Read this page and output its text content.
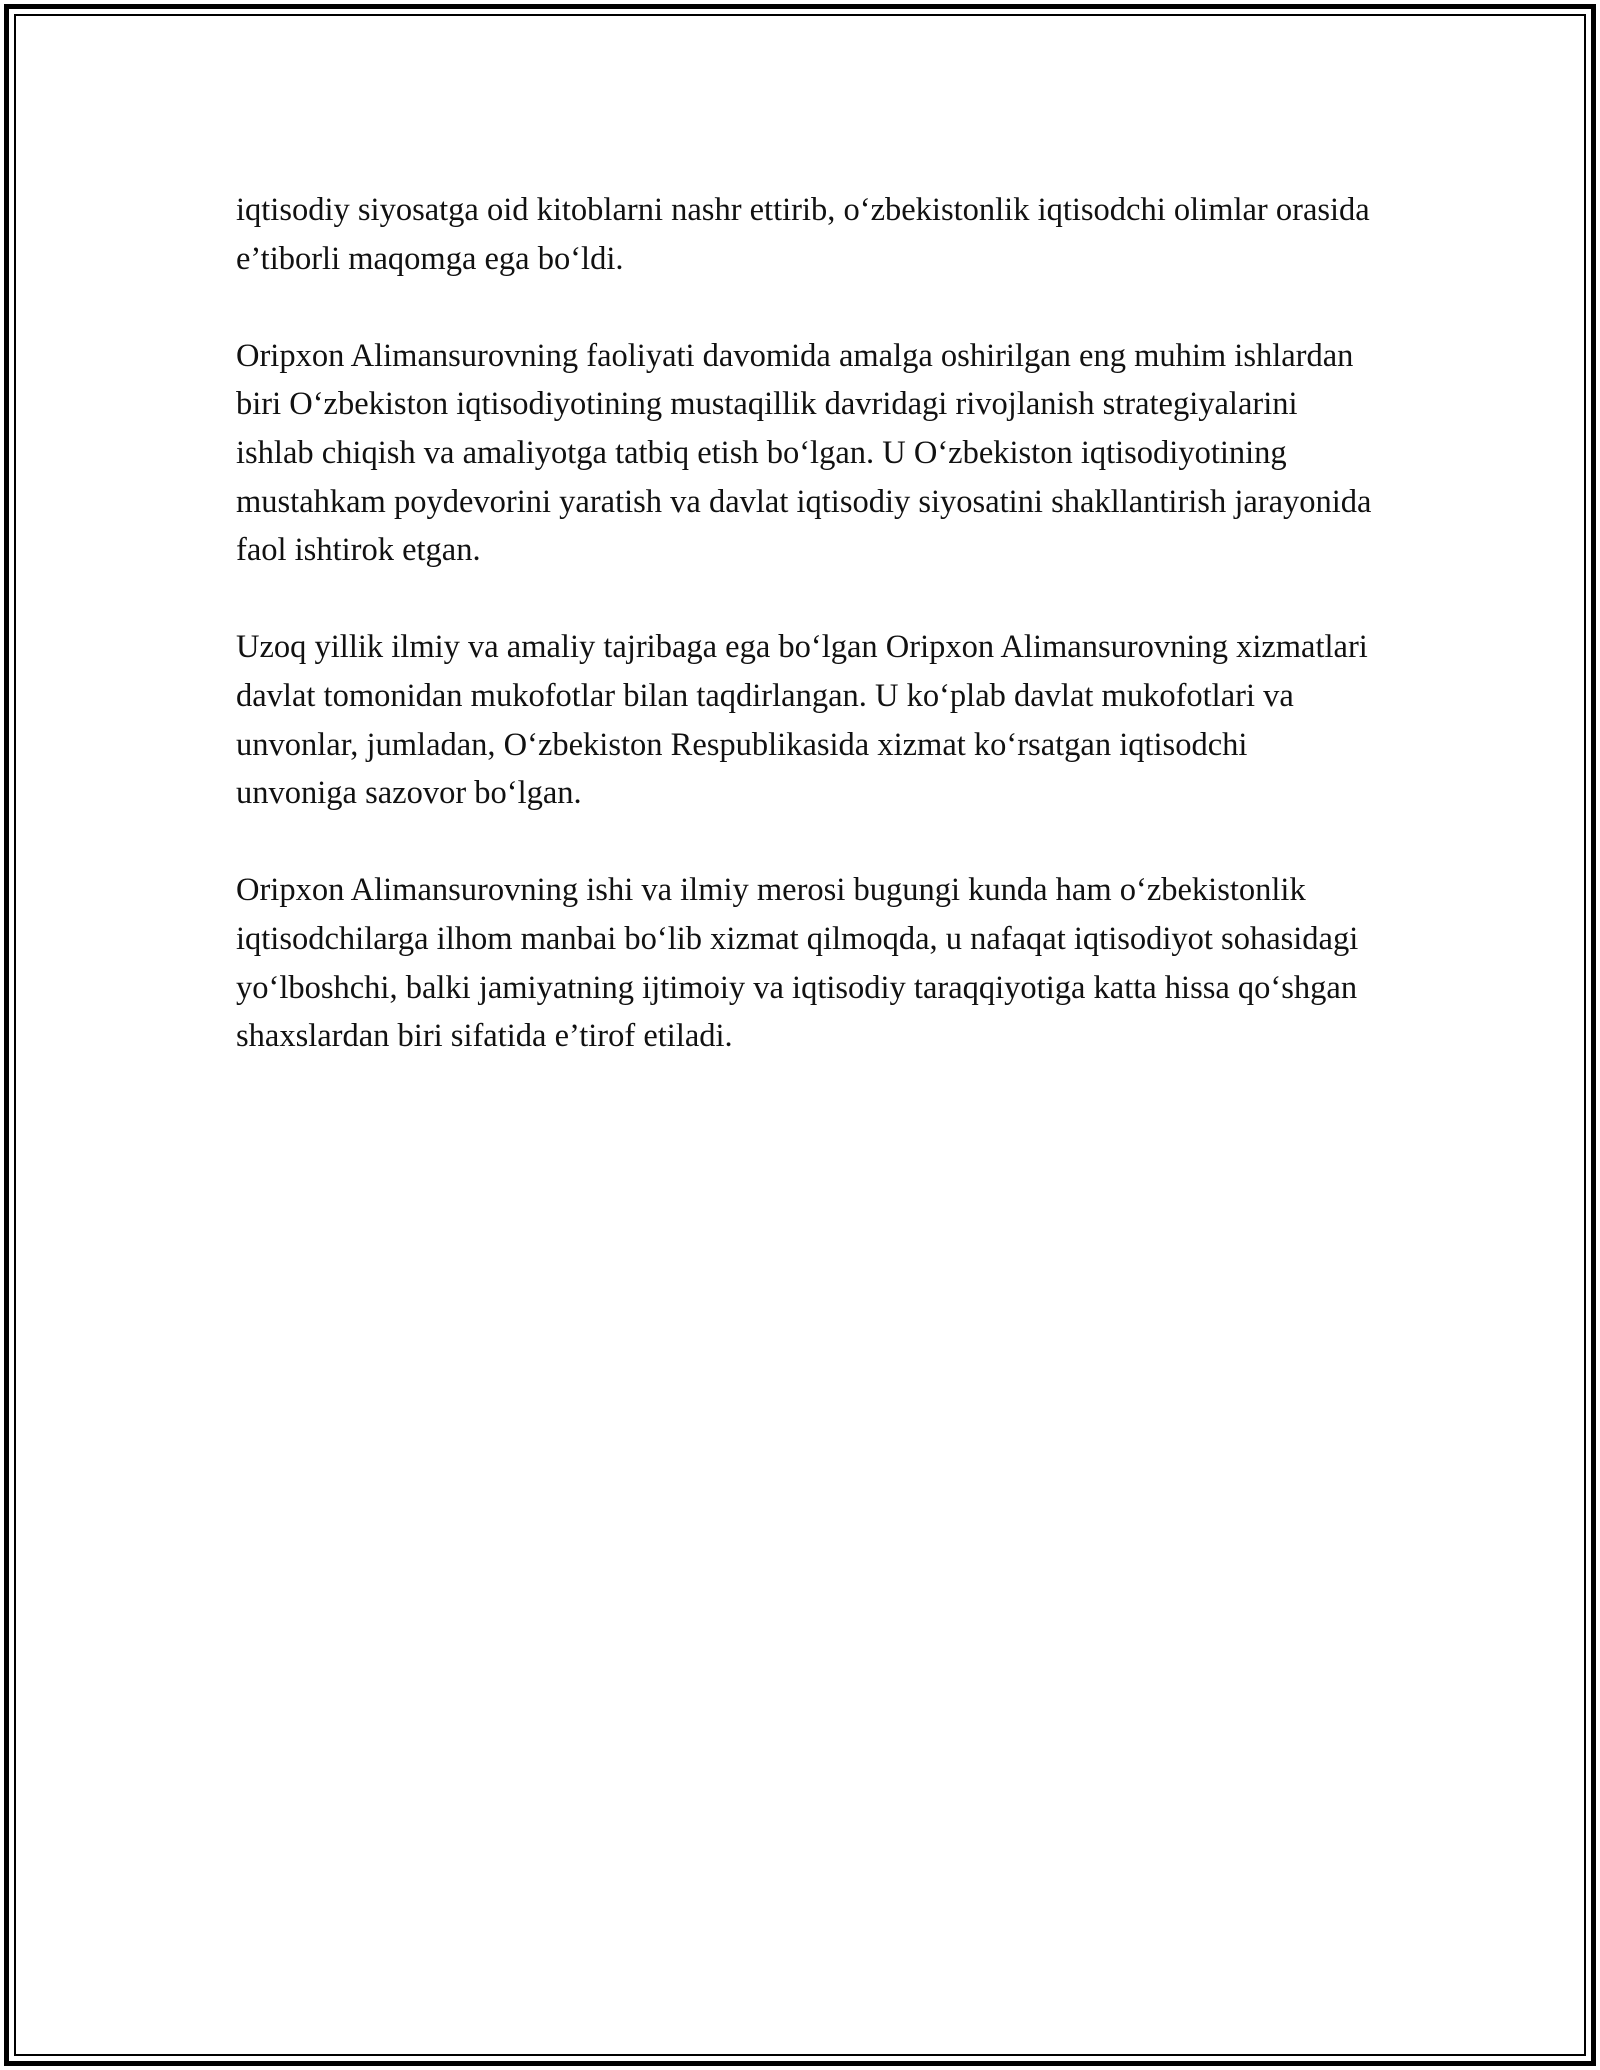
iqtisodiy siyosatga oid kitoblarni nashr ettirib, o‘zbekistonlik iqtisodchi olimlar orasida e’tiborli maqomga ega bo‘ldi.

Oripxon Alimansurovning faoliyati davomida amalga oshirilgan eng muhim ishlardan biri O‘zbekiston iqtisodiyotining mustaqillik davridagi rivojlanish strategiyalarini ishlab chiqish va amaliyotga tatbiq etish bo‘lgan. U O‘zbekiston iqtisodiyotining mustahkam poydevorini yaratish va davlat iqtisodiy siyosatini shakllantirish jarayonida faol ishtirok etgan.

Uzoq yillik ilmiy va amaliy tajribaga ega bo‘lgan Oripxon Alimansurovning xizmatlari davlat tomonidan mukofotlar bilan taqdirlangan. U ko‘plab davlat mukofotlari va unvonlar, jumladan, O‘zbekiston Respublikasida xizmat ko‘rsatgan iqtisodchi unvoniga sazovor bo‘lgan.

Oripxon Alimansurovning ishi va ilmiy merosi bugungi kunda ham o‘zbekistonlik iqtisodchilarga ilhom manbai bo‘lib xizmat qilmoqda, u nafaqat iqtisodiyot sohasidagi yo‘lboshchi, balki jamiyatning ijtimoiy va iqtisodiy taraqqiyotiga katta hissa qo‘shgan shaxslardan biri sifatida e’tirof etiladi.
